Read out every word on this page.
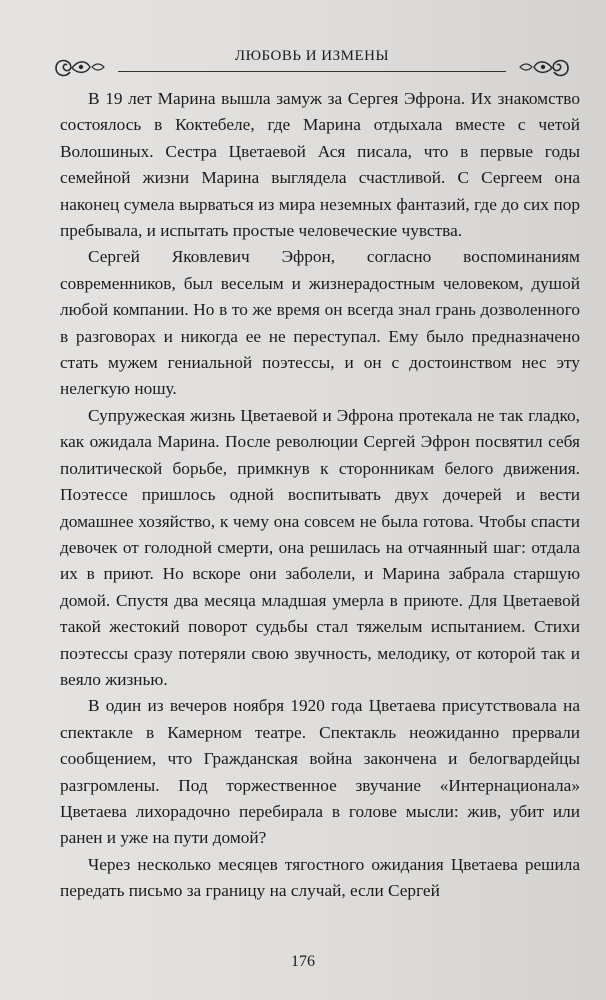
ЛЮБОВЬ И ИЗМЕНЫ

В 19 лет Марина вышла замуж за Сергея Эфрона. Их знакомство состоялось в Коктебеле, где Марина отдыхала вместе с четой Волошиных. Сестра Цветаевой Ася писала, что в первые годы семейной жизни Марина выглядела счастливой. С Сергеем она наконец сумела вырваться из мира неземных фантазий, где до сих пор пребывала, и испытать простые человеческие чувства.

Сергей Яковлевич Эфрон, согласно воспоминаниям современников, был веселым и жизнерадостным человеком, душой любой компании. Но в то же время он всегда знал грань дозволенного в разговорах и никогда ее не переступал. Ему было предназначено стать мужем гениальной поэтессы, и он с достоинством нес эту нелегкую ношу.

Супружеская жизнь Цветаевой и Эфрона протекала не так гладко, как ожидала Марина. После революции Сергей Эфрон посвятил себя политической борьбе, примкнув к сторонникам белого движения. Поэтессе пришлось одной воспитывать двух дочерей и вести домашнее хозяйство, к чему она совсем не была готова. Чтобы спасти девочек от голодной смерти, она решилась на отчаянный шаг: отдала их в приют. Но вскоре они заболели, и Марина забрала старшую домой. Спустя два месяца младшая умерла в приюте. Для Цветаевой такой жестокий поворот судьбы стал тяжелым испытанием. Стихи поэтессы сразу потеряли свою звучность, мелодику, от которой так и веяло жизнью.

В один из вечеров ноября 1920 года Цветаева присутствовала на спектакле в Камерном театре. Спектакль неожиданно прервали сообщением, что Гражданская война закончена и белогвардейцы разгромлены. Под торжественное звучание «Интернационала» Цветаева лихорадочно перебирала в голове мысли: жив, убит или ранен и уже на пути домой?

Через несколько месяцев тягостного ожидания Цветаева решила передать письмо за границу на случай, если Сергей

176
